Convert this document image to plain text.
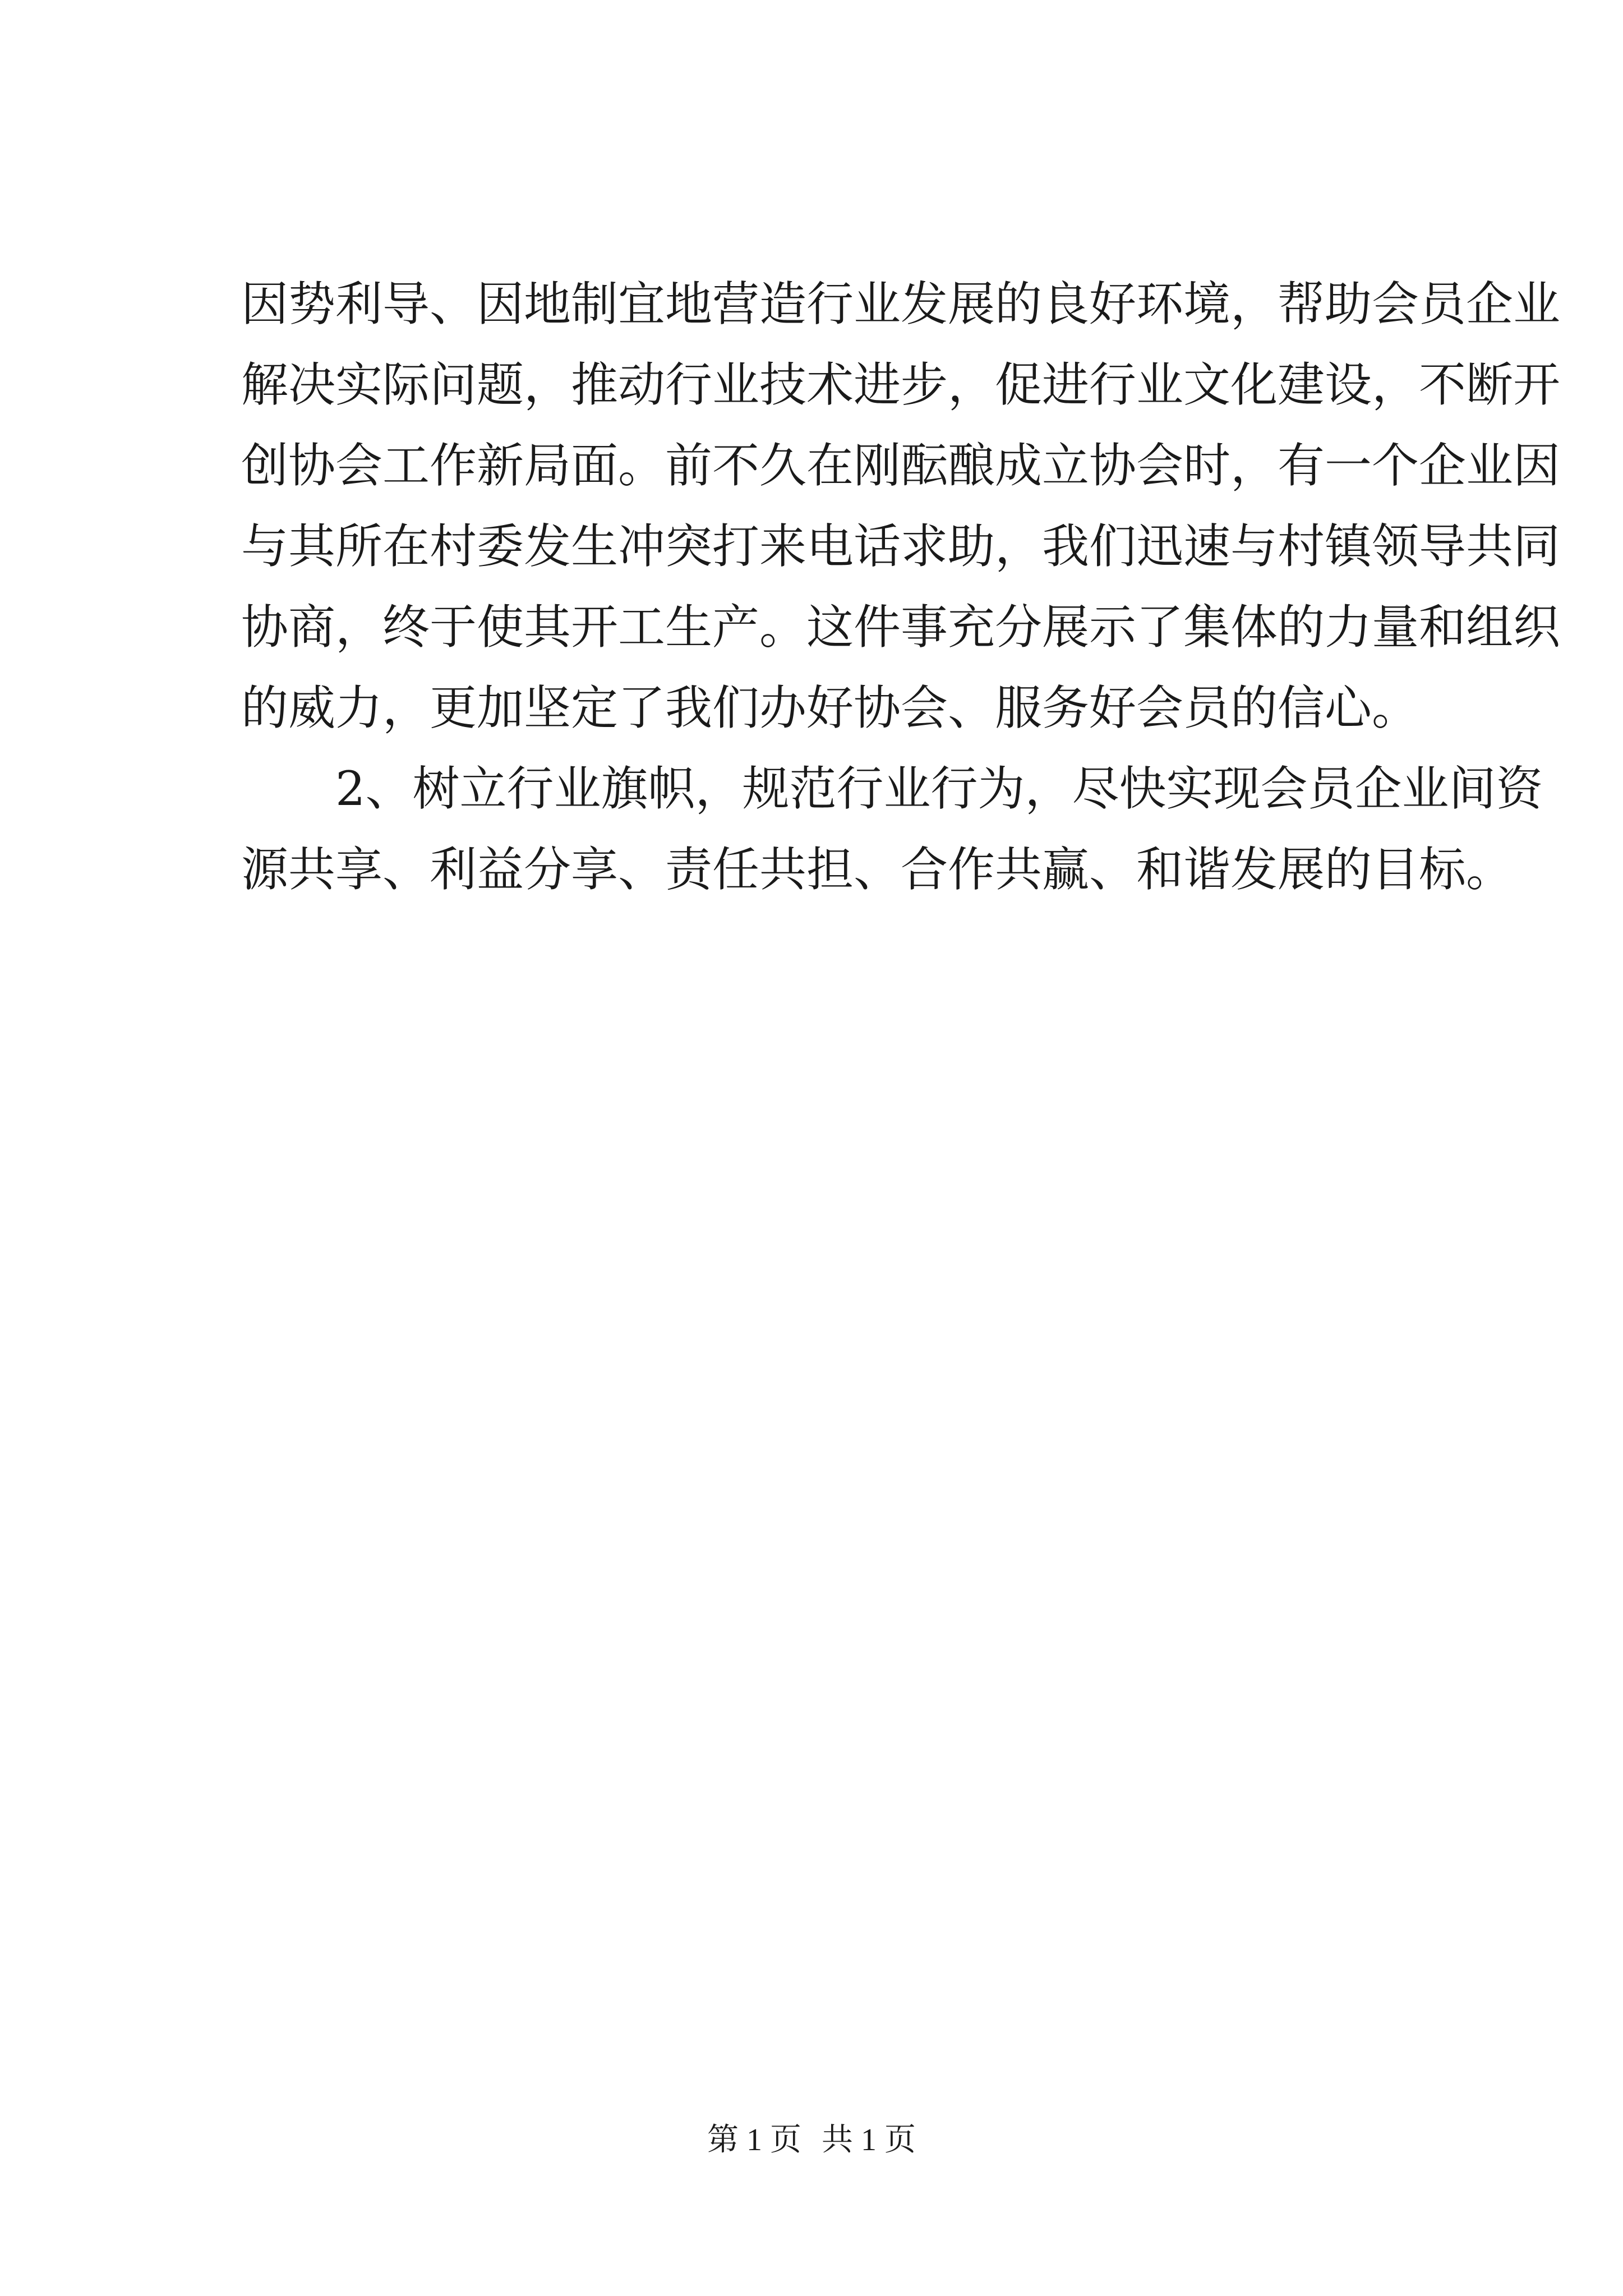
因势利导、因地制宜地营造行业发展的良好环境，帮助会员企业
解决实际问题，推动行业技术进步，促进行业文化建设，不断开
创协会工作新局面。前不久在刚酝酿成立协会时，有一个企业因
与其所在村委发生冲突打来电话求助，我们迅速与村镇领导共同
协商，终于使其开工生产。这件事充分展示了集体的力量和组织
的威力，更加坚定了我们办好协会、服务好会员的信心。
2、树立行业旗帜，规范行业行为，尽快实现会员企业间资
源共享、利益分享、责任共担、合作共赢、和谐发展的目标。
第 1 页 共 1 页
